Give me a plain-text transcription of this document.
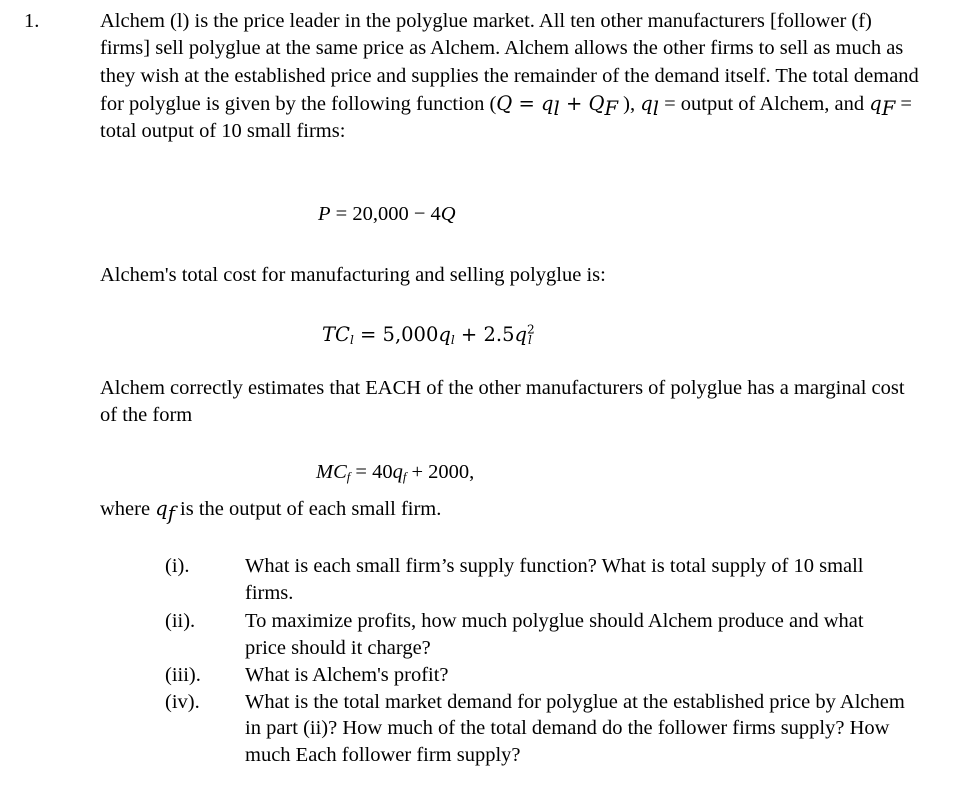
1.	Alchem (l) is the price leader in the polyglue market. All ten other manufacturers [follower (f) firms] sell polyglue at the same price as Alchem. Alchem allows the other firms to sell as much as they wish at the established price and supplies the remainder of the demand itself. The total demand for polyglue is given by the following function ($Q = q_l + Q_F$ ), $q_l$ = output of Alchem, and $q_F$ = total output of 10 small firms:
P = 20,000 − 4Q
Alchem's total cost for manufacturing and selling polyglue is:
$TC_l = 5,000q_l + 2.5q^2_l$
Alchem correctly estimates that EACH of the other manufacturers of polyglue has a marginal cost of the form
$MC_f = 40q_f + 2000$,
where $q_f$ is the output of each small firm.
(i).	What is each small firm’s supply function? What is total supply of 10 small firms.
(ii).	To maximize profits, how much polyglue should Alchem produce and what price should it charge?
(iii).	What is Alchem's profit?
(iv).	What is the total market demand for polyglue at the established price by Alchem in part (ii)? How much of the total demand do the follower firms supply? How much Each follower firm supply?
